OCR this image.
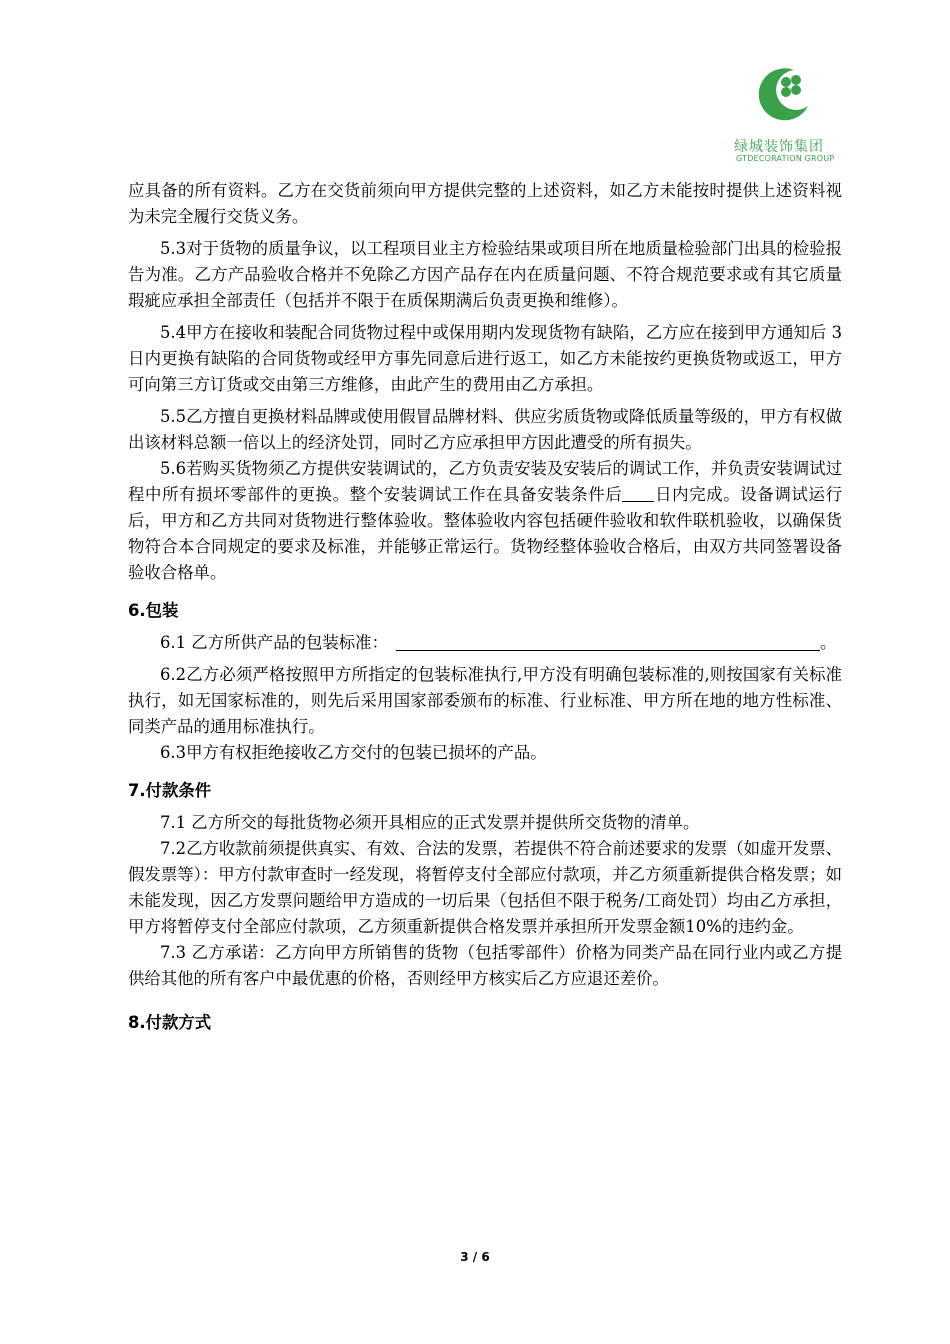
绿城装饰集团
GTDECORATION GROUP

应具备的所有资料。乙方在交货前须向甲方提供完整的上述资料，如乙方未能按时提供上述资料视为未完全履行交货义务。

5.3对于货物的质量争议，以工程项目业主方检验结果或项目所在地质量检验部门出具的检验报告为准。乙方产品验收合格并不免除乙方因产品存在内在质量问题、不符合规范要求或有其它质量瑕疵应承担全部责任（包括并不限于在质保期满后负责更换和维修）。

5.4甲方在接收和装配合同货物过程中或保用期内发现货物有缺陷，乙方应在接到甲方通知后 3 日内更换有缺陷的合同货物或经甲方事先同意后进行返工，如乙方未能按约更换货物或返工，甲方可向第三方订货或交由第三方维修，由此产生的费用由乙方承担。

5.5乙方擅自更换材料品牌或使用假冒品牌材料、供应劣质货物或降低质量等级的，甲方有权做出该材料总额一倍以上的经济处罚，同时乙方应承担甲方因此遭受的所有损失。

5.6若购买货物须乙方提供安装调试的，乙方负责安装及安装后的调试工作，并负责安装调试过程中所有损坏零部件的更换。整个安装调试工作在具备安装条件后 日内完成。设备调试运行后，甲方和乙方共同对货物进行整体验收。整体验收内容包括硬件验收和软件联机验收，以确保货物符合本合同规定的要求及标准，并能够正常运行。货物经整体验收合格后，由双方共同签署设备验收合格单。

6.包装

6.1 乙方所供产品的包装标准：	。

6.2乙方必须严格按照甲方所指定的包装标准执行,甲方没有明确包装标准的,则按国家有关标准执行，如无国家标准的，则先后采用国家部委颁布的标准、行业标准、甲方所在地的地方性标准、同类产品的通用标准执行。

6.3甲方有权拒绝接收乙方交付的包装已损坏的产品。

7.付款条件

7.1 乙方所交的每批货物必须开具相应的正式发票并提供所交货物的清单。

7.2乙方收款前须提供真实、有效、合法的发票，若提供不符合前述要求的发票（如虚开发票、假发票等）：甲方付款审查时一经发现，将暂停支付全部应付款项，并乙方须重新提供合格发票；如未能发现，因乙方发票问题给甲方造成的一切后果（包括但不限于税务/工商处罚）均由乙方承担，甲方将暂停支付全部应付款项，乙方须重新提供合格发票并承担所开发票金额10%的违约金。

7.3 乙方承诺：乙方向甲方所销售的货物（包括零部件）价格为同类产品在同行业内或乙方提供给其他的所有客户中最优惠的价格，否则经甲方核实后乙方应退还差价。

8.付款方式
3 / 6
